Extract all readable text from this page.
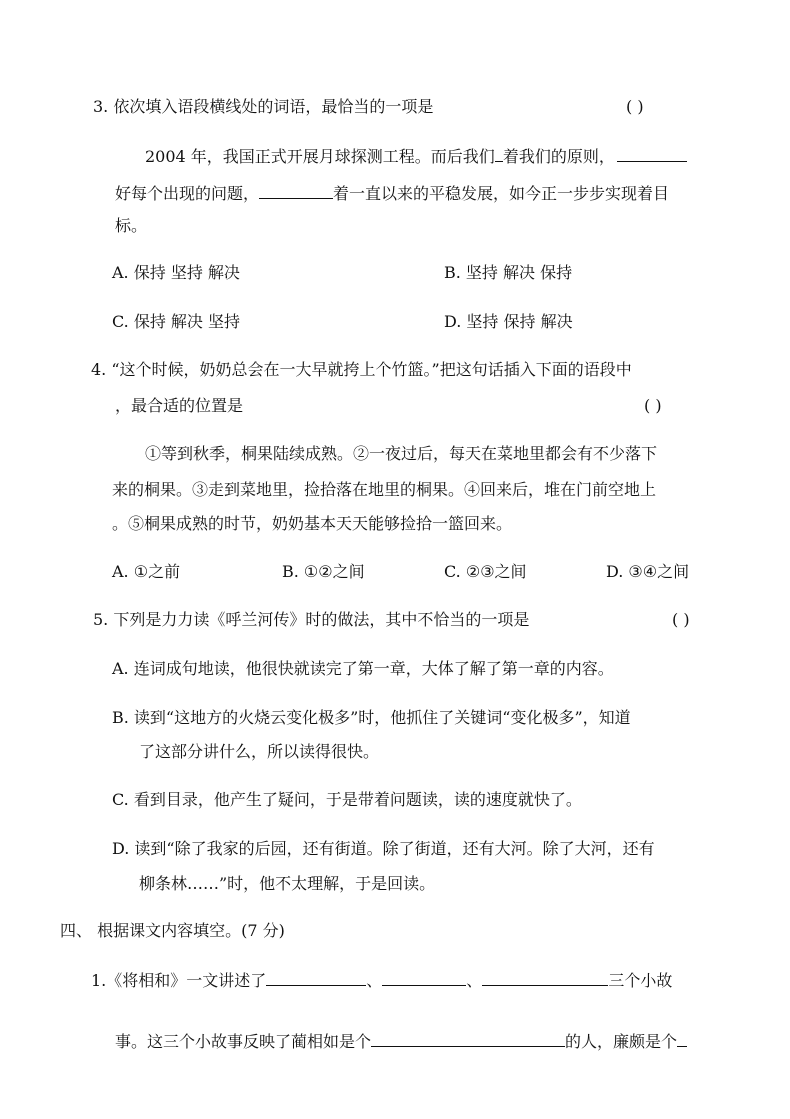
3. 依次填入语段横线处的词语，最恰当的一项是	( )
2004 年，我国正式开展月球探测工程。而后我们 着我们的原则，
好每个出现的问题，	着一直以来的平稳发展，如今正一步步实现着目
标。
A. 保持 坚持 解决	B. 坚持 解决 保持
C. 保持 解决 坚持	D. 坚持 保持 解决
4. “这个时候，奶奶总会在一大早就挎上个竹篮。”把这句话插入下面的语段中
，最合适的位置是	( )
①等到秋季，桐果陆续成熟。②一夜过后，每天在菜地里都会有不少落下
来的桐果。③走到菜地里，捡拾落在地里的桐果。④回来后，堆在门前空地上
。⑤桐果成熟的时节，奶奶基本天天能够捡拾一篮回来。
A. ①之前	B. ①②之间	C. ②③之间	D. ③④之间
5. 下列是力力读《呼兰河传》时的做法，其中不恰当的一项是	( )
A. 连词成句地读，他很快就读完了第一章，大体了解了第一章的内容。
B. 读到“这地方的火烧云变化极多”时，他抓住了关键词“变化极多”，知道
了这部分讲什么，所以读得很快。
C. 看到目录，他产生了疑问，于是带着问题读，读的速度就快了。
D. 读到“除了我家的后园，还有街道。除了街道，还有大河。除了大河，还有
柳条林……”时，他不太理解，于是回读。
四、 根据课文内容填空。(7 分)
1.《将相和》一文讲述了	、	、	三个小故
事。这三个小故事反映了蔺相如是个	的人，廉颇是个
